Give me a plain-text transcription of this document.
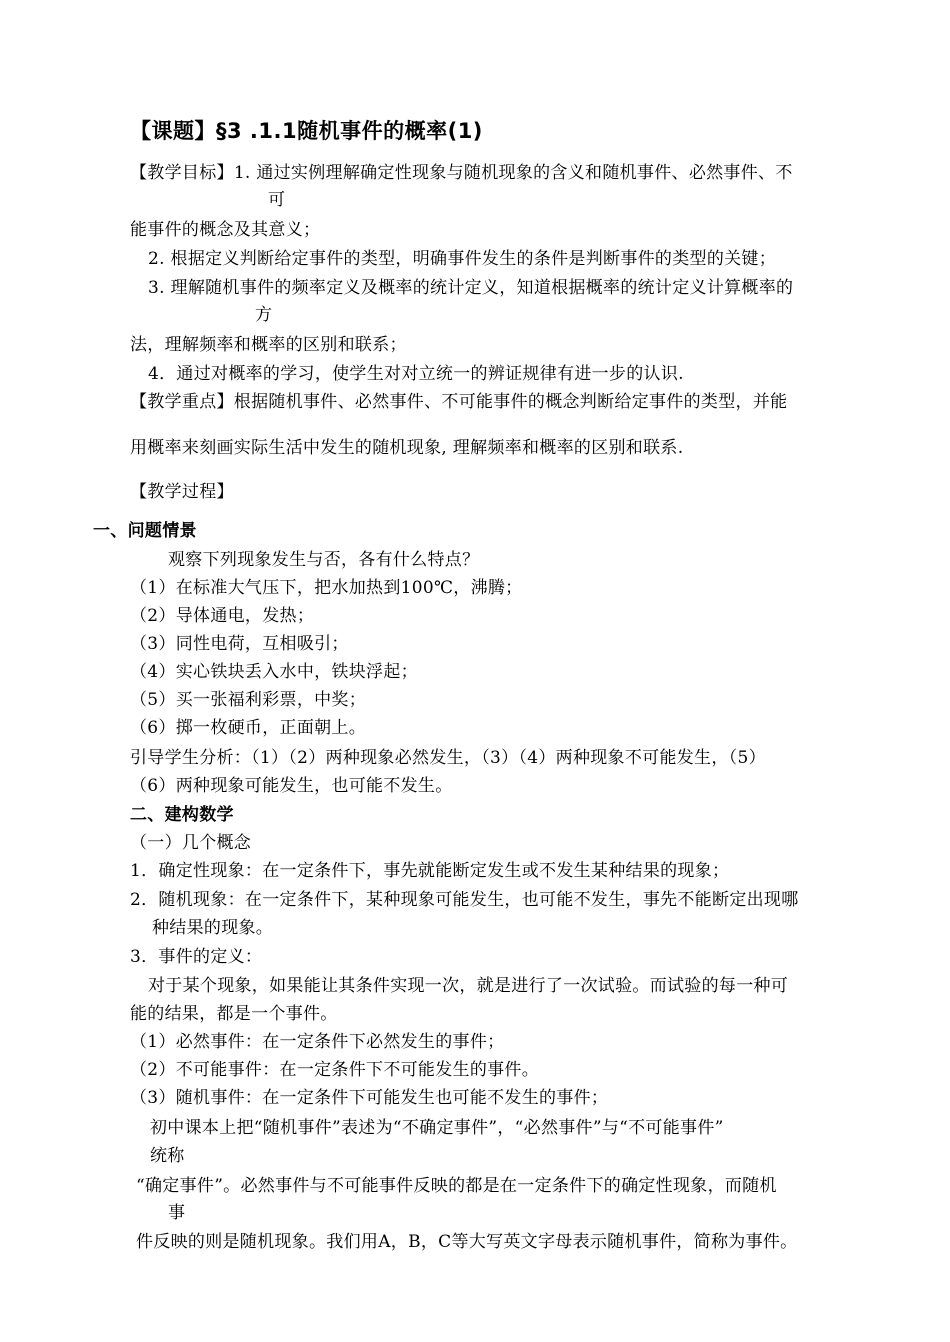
【课题】§3 .1.1随机事件的概率(1)
【教学目标】1. 通过实例理解确定性现象与随机现象的含义和随机事件、必然事件、不
可
能事件的概念及其意义；
2. 根据定义判断给定事件的类型，明确事件发生的条件是判断事件的类型的关键；
3. 理解随机事件的频率定义及概率的统计定义，知道根据概率的统计定义计算概率的
方
法，理解频率和概率的区别和联系；
4．通过对概率的学习，使学生对对立统一的辨证规律有进一步的认识.
【教学重点】根据随机事件、必然事件、不可能事件的概念判断给定事件的类型，并能
用概率来刻画实际生活中发生的随机现象, 理解频率和概率的区别和联系.
【教学过程】
一、问题情景
观察下列现象发生与否，各有什么特点？
（1）在标准大气压下，把水加热到100℃，沸腾；
（2）导体通电，发热；
（3）同性电荷，互相吸引；
（4）实心铁块丢入水中，铁块浮起；
（5）买一张福利彩票，中奖；
（6）掷一枚硬币，正面朝上。
引导学生分析：（1）（2）两种现象必然发生，（3）（4）两种现象不可能发生，（5）
（6）两种现象可能发生，也可能不发生。
二、建构数学
（一）几个概念
1．确定性现象：在一定条件下，事先就能断定发生或不发生某种结果的现象；
2．随机现象：在一定条件下，某种现象可能发生，也可能不发生，事先不能断定出现哪
种结果的现象。
3．事件的定义：
对于某个现象，如果能让其条件实现一次，就是进行了一次试验。而试验的每一种可
能的结果，都是一个事件。
（1）必然事件：在一定条件下必然发生的事件；
（2）不可能事件：在一定条件下不可能发生的事件。
（3）随机事件：在一定条件下可能发生也可能不发生的事件；
初中课本上把“随机事件”表述为“不确定事件”，“必然事件”与“不可能事件”
统称
“确定事件”。必然事件与不可能事件反映的都是在一定条件下的确定性现象，而随机
事
件反映的则是随机现象。我们用A，B，C等大写英文字母表示随机事件，简称为事件。
